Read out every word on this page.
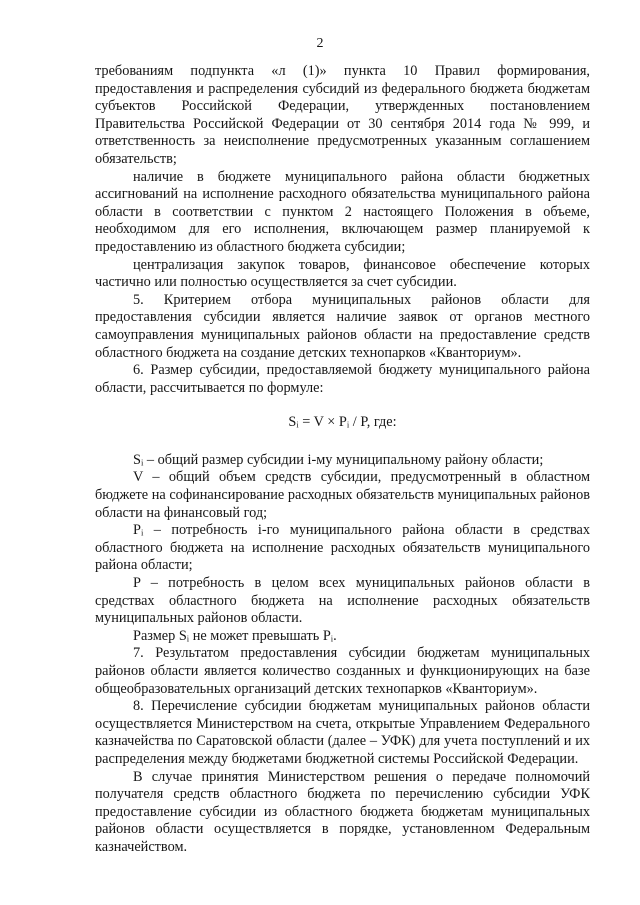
2

требованиям подпункта «л (1)» пункта 10 Правил формирования, предоставления и распределения субсидий из федерального бюджета бюджетам субъектов Российской Федерации, утвержденных постановлением Правительства Российской Федерации от 30 сентября 2014 года № 999, и ответственность за неисполнение предусмотренных указанным соглашением обязательств;

наличие в бюджете муниципального района области бюджетных ассигнований на исполнение расходного обязательства муниципального района области в соответствии с пунктом 2 настоящего Положения в объеме, необходимом для его исполнения, включающем размер планируемой к предоставлению из областного бюджета субсидии;

централизация закупок товаров, финансовое обеспечение которых частично или полностью осуществляется за счет субсидии.

5. Критерием отбора муниципальных районов области для предоставления субсидии является наличие заявок от органов местного самоуправления муниципальных районов области на предоставление средств областного бюджета на создание детских технопарков «Кванториум».

6. Размер субсидии, предоставляемой бюджету муниципального района области, рассчитывается по формуле:

Sᵢ = V × Pᵢ / P, где:

Sᵢ – общий размер субсидии i-му муниципальному району области;

V – общий объем средств субсидии, предусмотренный в областном бюджете на софинансирование расходных обязательств муниципальных районов области на финансовый год;

Pᵢ – потребность i-го муниципального района области в средствах областного бюджета на исполнение расходных обязательств муниципального района области;

P – потребность в целом всех муниципальных районов области в средствах областного бюджета на исполнение расходных обязательств муниципальных районов области.

Размер Sᵢ не может превышать Pᵢ.

7. Результатом предоставления субсидии бюджетам муниципальных районов области является количество созданных и функционирующих на базе общеобразовательных организаций детских технопарков «Кванториум».

8. Перечисление субсидии бюджетам муниципальных районов области осуществляется Министерством на счета, открытые Управлением Федерального казначейства по Саратовской области (далее – УФК) для учета поступлений и их распределения между бюджетами бюджетной системы Российской Федерации.

В случае принятия Министерством решения о передаче полномочий получателя средств областного бюджета по перечислению субсидии УФК предоставление субсидии из областного бюджета бюджетам муниципальных районов области осуществляется в порядке, установленном Федеральным казначейством.
